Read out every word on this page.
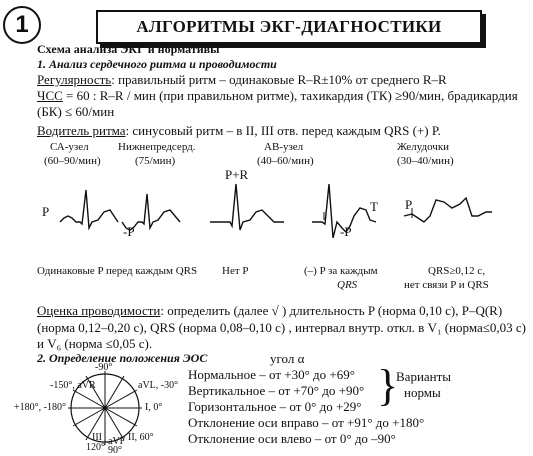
1	АЛГОРИТМЫ ЭКГ-ДИАГНОСТИКИ
Схема анализа ЭКГ и нормативы
1. Анализ сердечного ритма и проводимости
Регулярность: правильный ритм – одинаковые R–R±10% от среднего R–R
ЧСС = 60 : R–R / мин (при правильном ритме), тахикардия (ТК) ≥90/мин, брадикардия
(БК) ≤ 60/мин
Водитель ритма: синусовый ритм – в II, III отв. перед каждым QRS (+) P.
СА-узел
(60–90/мин)
Нижнепредсерд.
(75/мин)
АВ-узел
(40–60/мин)
Желудочки
(30–40/мин)
P
-P
P+R
T
-P
P
Одинаковые P перед каждым QRS Нет P	(–) P за каждым
QRS
QRS≥0,12 с,
нет связи P и QRS
Оценка проводимости: определить (далее √ ) длительность P (норма 0,10 с), P–Q(R)
(норма 0,12–0,20 с), QRS (норма 0,08–0,10 с) , интервал внутр. откл. в V₁ (норма≤0,03 с)
и V₆ (норма ≤0,05 с).
2. Определение положения ЭОС	угол α
-90°
-150°, aVR	aVL, -30°
+180°, -180°	I, 0°
III
120°
II, 60°
aVF
90°
Нормальное – от +30° до +69°
Вертикальное – от +70° до +90°
Горизонтальное – от 0° до +29°
Отклонение оси вправо – от +91° до +180°
Отклонение оси влево – от 0° до –90°
}
Варианты
нормы
